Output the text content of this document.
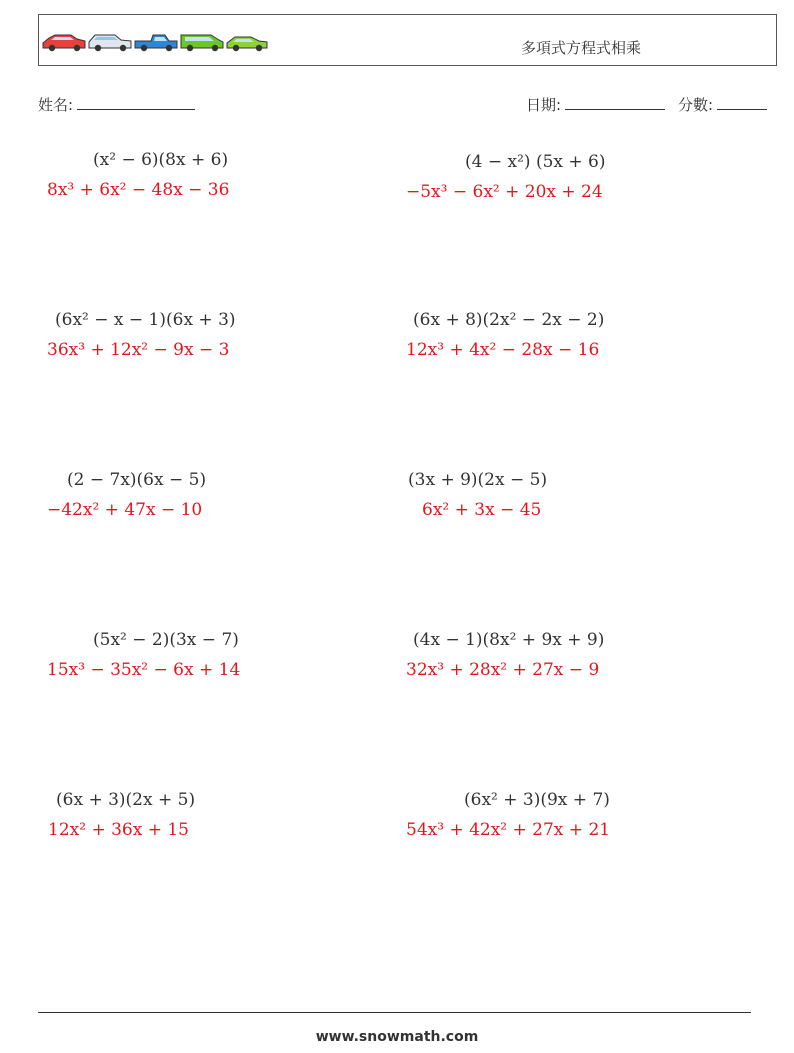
多項式方程式相乘
姓名:	日期:	分數:
(x² − 6)(8x + 6)
8x³ + 6x² − 48x − 36
(4 − x²) (5x + 6)
−5x³ − 6x² + 20x + 24
(6x² − x − 1)(6x + 3)
36x³ + 12x² − 9x − 3
(6x + 8)(2x² − 2x − 2)
12x³ + 4x² − 28x − 16
(2 − 7x)(6x − 5)
−42x² + 47x − 10
(3x + 9)(2x − 5)
6x² + 3x − 45
(5x² − 2)(3x − 7)
15x³ − 35x² − 6x + 14
(4x − 1)(8x² + 9x + 9)
32x³ + 28x² + 27x − 9
(6x + 3)(2x + 5)
12x² + 36x + 15
(6x² + 3)(9x + 7)
54x³ + 42x² + 27x + 21
www.snowmath.com
